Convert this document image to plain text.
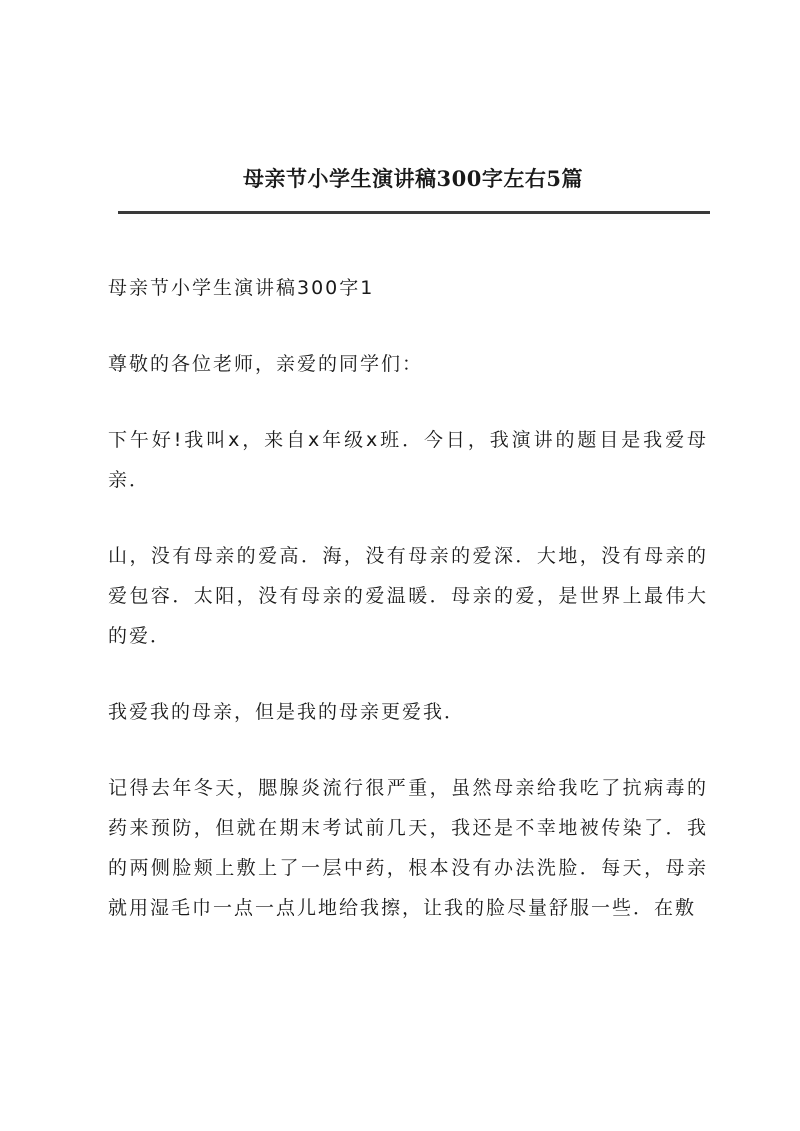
母亲节小学生演讲稿300字左右5篇

母亲节小学生演讲稿300字1

尊敬的各位老师，亲爱的同学们：

下午好!我叫x，来自x年级x班．今日，我演讲的题目是我爱母亲．

山，没有母亲的爱高．海，没有母亲的爱深．大地，没有母亲的爱包容．太阳，没有母亲的爱温暖．母亲的爱，是世界上最伟大的爱．

我爱我的母亲，但是我的母亲更爱我．

记得去年冬天，腮腺炎流行很严重，虽然母亲给我吃了抗病毒的药来预防，但就在期末考试前几天，我还是不幸地被传染了．我的两侧脸颊上敷上了一层中药，根本没有办法洗脸．每天，母亲就用湿毛巾一点一点儿地给我擦，让我的脸尽量舒服一些．在敷
